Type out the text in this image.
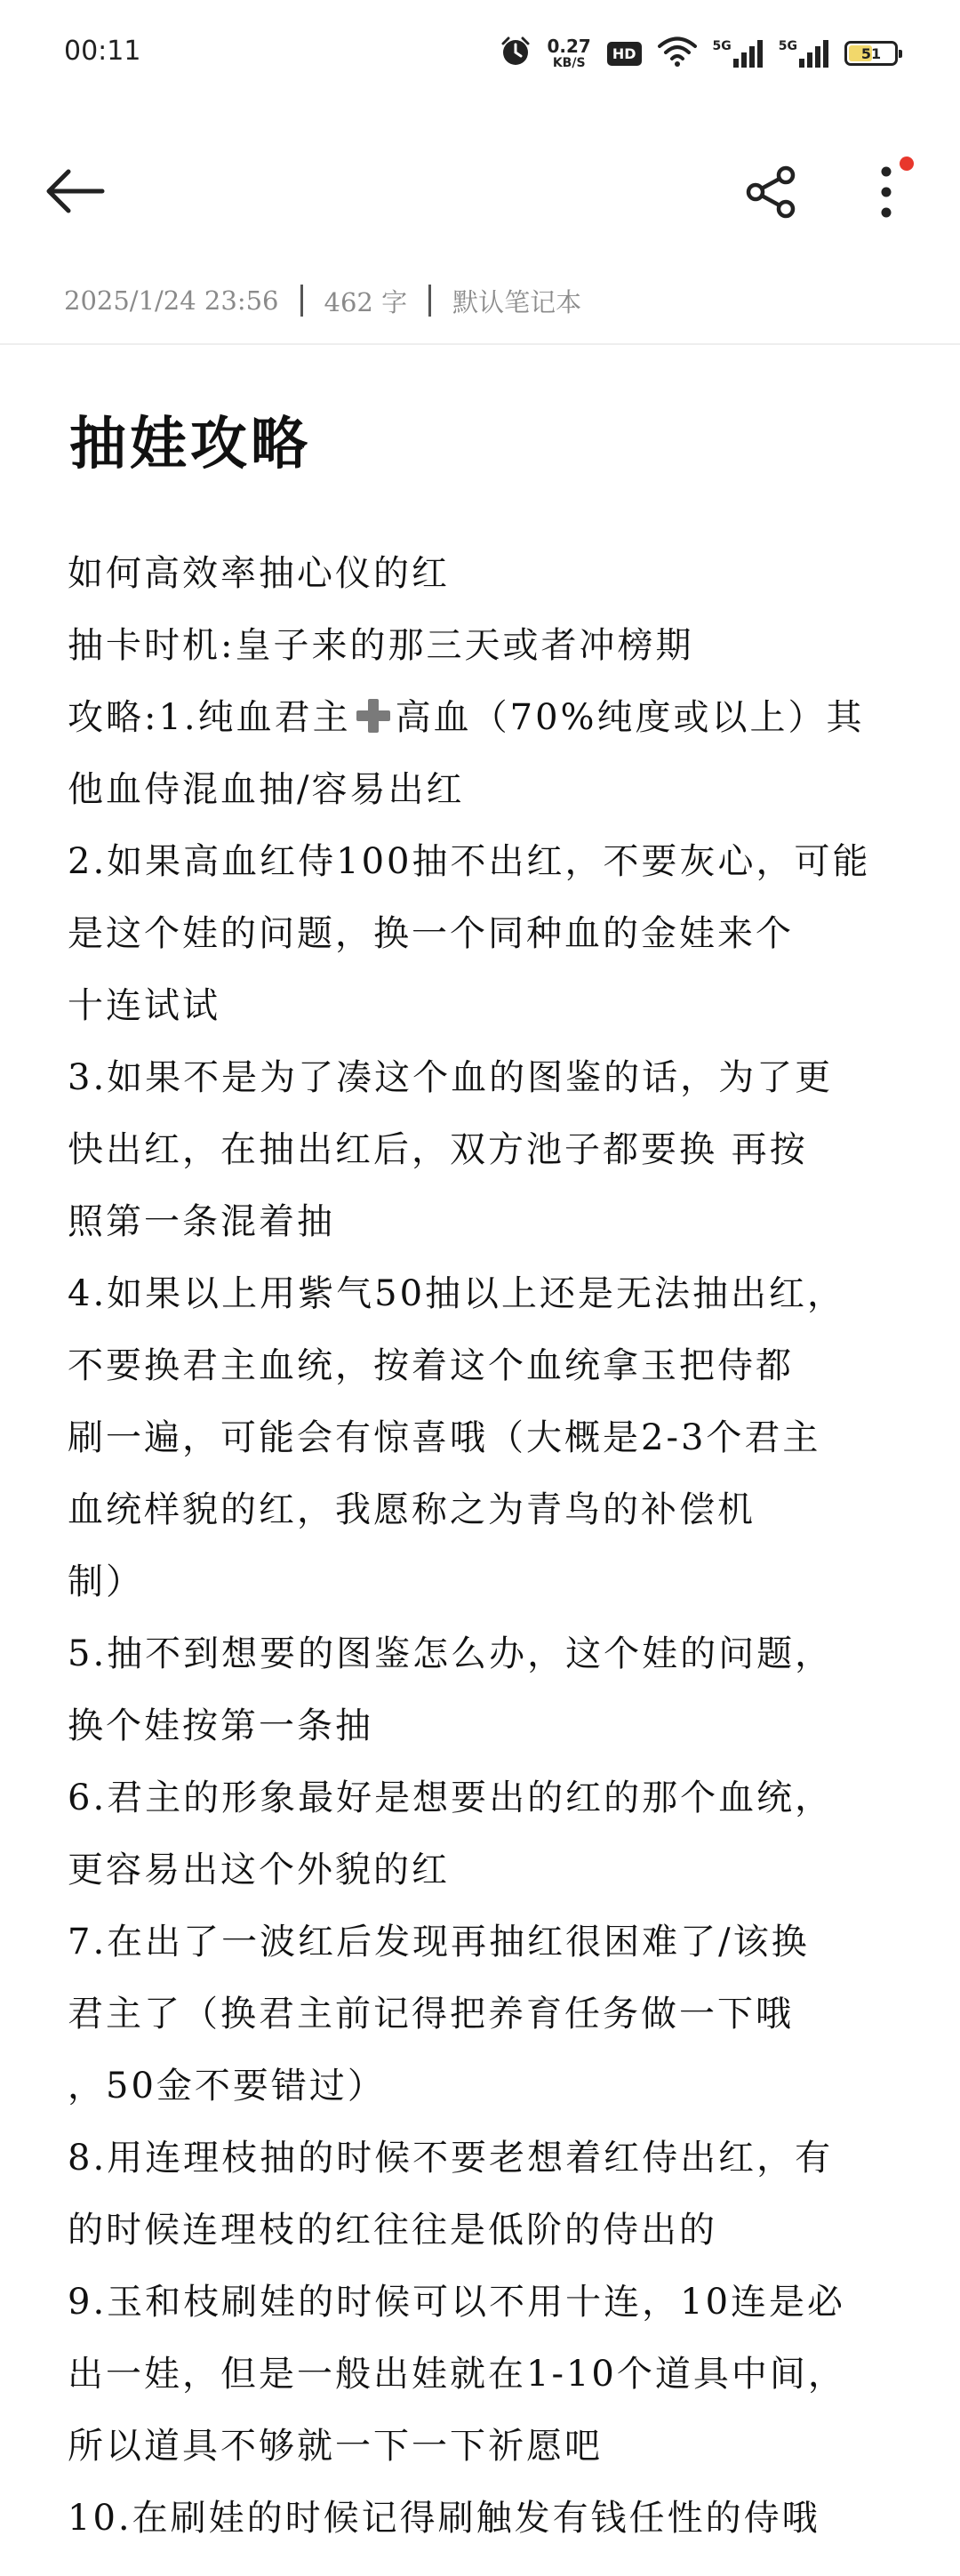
00:11	0.27
KB/S
HD	5G	5G	51
2025/1/24 23:56 462 字 默认笔记本
抽娃攻略
如何高效率抽心仪的红
抽卡时机:皇子来的那三天或者冲榜期
攻略:1.纯血君主 高血（70%纯度或以上）其
他血侍混血抽/容易出红
2.如果高血红侍100抽不出红，不要灰心，可能
是这个娃的问题，换一个同种血的金娃来个
十连试试
3.如果不是为了凑这个血的图鉴的话，为了更
快出红，在抽出红后，双方池子都要换 再按
照第一条混着抽
4.如果以上用紫气50抽以上还是无法抽出红，
不要换君主血统，按着这个血统拿玉把侍都
刷一遍，可能会有惊喜哦（大概是2-3个君主
血统样貌的红，我愿称之为青鸟的补偿机
制）
5.抽不到想要的图鉴怎么办，这个娃的问题，
换个娃按第一条抽
6.君主的形象最好是想要出的红的那个血统，
更容易出这个外貌的红
7.在出了一波红后发现再抽红很困难了/该换
君主了（换君主前记得把养育任务做一下哦
，50金不要错过）
8.用连理枝抽的时候不要老想着红侍出红，有
的时候连理枝的红往往是低阶的侍出的
9.玉和枝刷娃的时候可以不用十连，10连是必
出一娃，但是一般出娃就在1-10个道具中间，
所以道具不够就一下一下祈愿吧
10.在刷娃的时候记得刷触发有钱任性的侍哦
